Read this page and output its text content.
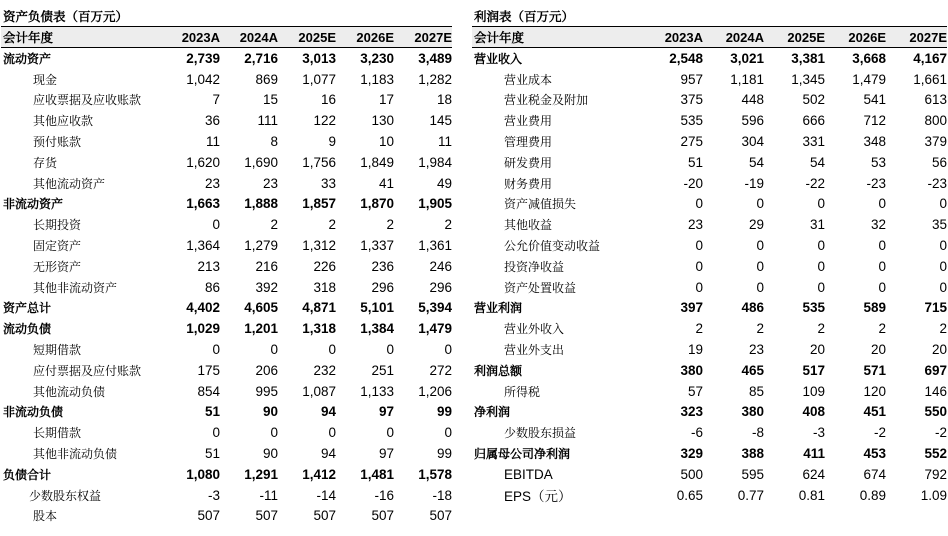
资产负债表（百万元）
会计年度	2023A	2024A	2025E	2026E	2027E
流动资产	2,739	2,716	3,013	3,230	3,489
现金	1,042	869	1,077	1,183	1,282
应收票据及应收账款	7	15	16	17	18
其他应收款	36	111	122	130	145
预付账款	11	8	9	10	11
存货	1,620	1,690	1,756	1,849	1,984
其他流动资产	23	23	33	41	49
非流动资产	1,663	1,888	1,857	1,870	1,905
长期投资	0	2	2	2	2
固定资产	1,364	1,279	1,312	1,337	1,361
无形资产	213	216	226	236	246
其他非流动资产	86	392	318	296	296
资产总计	4,402	4,605	4,871	5,101	5,394
流动负债	1,029	1,201	1,318	1,384	1,479
短期借款	0	0	0	0	0
应付票据及应付账款	175	206	232	251	272
其他流动负债	854	995	1,087	1,133	1,206
非流动负债	51	90	94	97	99
长期借款	0	0	0	0	0
其他非流动负债	51	90	94	97	99
负债合计	1,080	1,291	1,412	1,481	1,578
少数股东权益	-3	-11	-14	-16	-18
股本	507	507	507	507	507
利润表（百万元）
会计年度	2023A	2024A	2025E	2026E	2027E
营业收入	2,548	3,021	3,381	3,668	4,167
营业成本	957	1,181	1,345	1,479	1,661
营业税金及附加	375	448	502	541	613
营业费用	535	596	666	712	800
管理费用	275	304	331	348	379
研发费用	51	54	54	53	56
财务费用	-20	-19	-22	-23	-23
资产减值损失	0	0	0	0	0
其他收益	23	29	31	32	35
公允价值变动收益	0	0	0	0	0
投资净收益	0	0	0	0	0
资产处置收益	0	0	0	0	0
营业利润	397	486	535	589	715
营业外收入	2	2	2	2	2
营业外支出	19	23	20	20	20
利润总额	380	465	517	571	697
所得税	57	85	109	120	146
净利润	323	380	408	451	550
少数股东损益	-6	-8	-3	-2	-2
归属母公司净利润	329	388	411	453	552
EBITDA	500	595	624	674	792
EPS（元）	0.65	0.77	0.81	0.89	1.09
